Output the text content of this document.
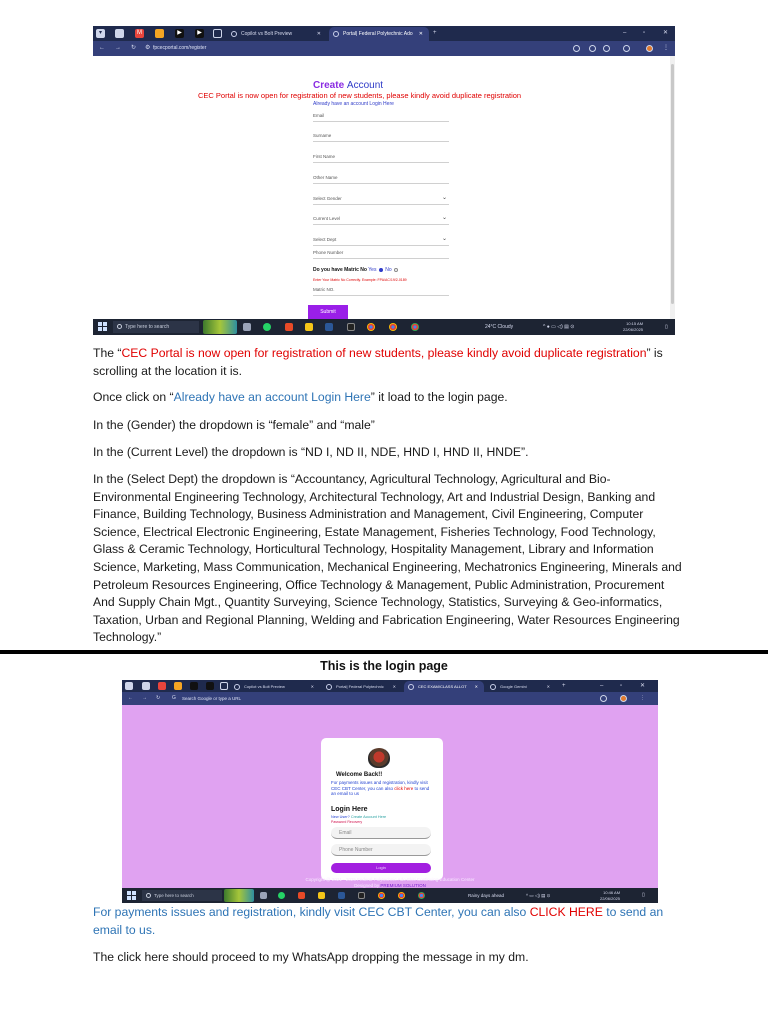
▾	M	▶	▶	Copilot vs Bolt Preview	✕	Portal| Federal Polytechnic Ado ✕ +	–	▫	✕
← → ↻ ⚙ fpcecportal.com/register	⋮
Create Account
CEC Portal is now open for registration of new students, please kindly avoid duplicate registration
Already have an account Login Here
Email
Surname
First Name
Other Name
Select Gender	⌄
Current Level	⌄
Select Dept	⌄
Phone Number
Do you have Matric No Yes No
Enter Your Matric No Correctly. Example: FPA/AC/19/2-0189
Matric NO.
Submit
Type here to search	24°C Cloudy	^ ● ▭ ◁) ▤ ⊙
10:15 AM
22/06/2025	▯

The “CEC Portal is now open for registration of new students, please kindly avoid duplicate registration” is scrolling at the location it is.

Once click on “Already have an account Login Here” it load to the login page.

In the (Gender) the dropdown is “female” and “male”

In the (Current Level) the dropdown is “ND I, ND II, NDE, HND I, HND II, HNDE”.

In the (Select Dept) the dropdown is “Accountancy, Agricultural Technology, Agricultural and Bio-Environmental Engineering Technology, Architectural Technology, Art and Industrial Design, Banking and Finance, Building Technology, Business Administration and Management, Civil Engineering, Computer Science, Electrical Electronic Engineering, Estate Management, Fisheries Technology, Food Technology, Glass & Ceramic Technology, Horticultural Technology, Hospitality Management, Library and Information Science, Marketing, Mass Communication, Mechanical Engineering, Mechatronics Engineering, Minerals and Petroleum Resources Engineering, Office Technology & Management, Public Administration, Procurement And Supply Chain Mgt., Quantity Surveying, Science Technology, Statistics, Surveying & Geo-informatics, Taxation, Urban and Regional Planning, Welding and Fabrication Engineering, Water Resources Engineering Technology.”

This is the login page
Copilot vs Bolt Preview	✕	Portal| Federal Polytechnic ✕	CEC EXAM/CLASS ALLOT ✕	Google Gemini	✕ +	–	▫	✕
← → ↻ G Search Google or type a URL	⋮
Welcome Back!!
For payments issues and registration, kindly visit CEC CBT Center, you can also click here to send an email to us
Login Here
New User? Create Account Here
Password Recovery
Email
Phone Number
Login
Copyright @ 2021 - 2025 Federal Polytechnic Ado-Ekiti Continuing Education Center
Designed by PREMIUM SOLUTION
Type here to search	Rainy days ahead	^ ▭ ◁) ▤ ⊙
10:46 AM
22/06/2025
▯

For payments issues and registration, kindly visit CEC CBT Center, you can also CLICK HERE to send an email to us.

The click here should proceed to my WhatsApp dropping the message in my dm.
